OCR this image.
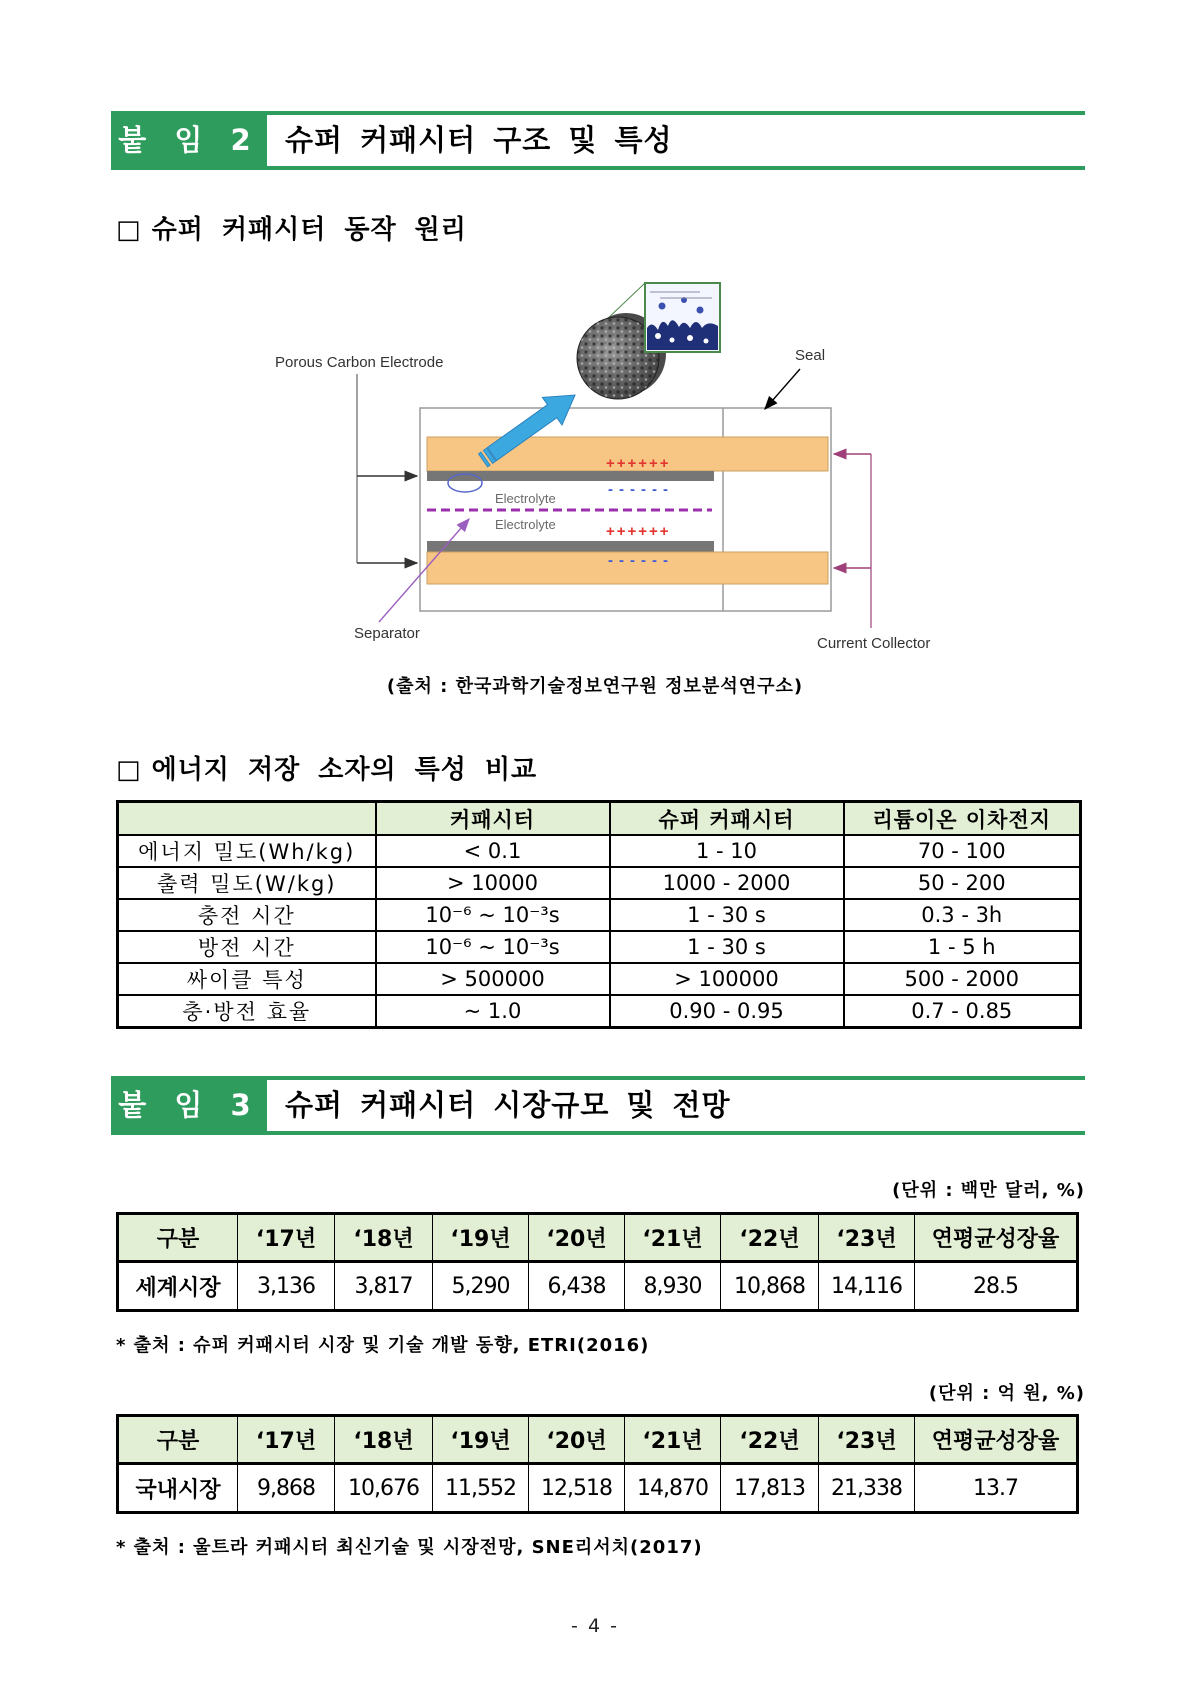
붙 임 2 슈퍼 커패시터 구조 및 특성
□ 슈퍼 커패시터 동작 원리
++++++
------
++++++
------
Electrolyte
Electrolyte
Porous Carbon Electrode	Seal
Current Collector
Separator
(출처 : 한국과학기술정보연구원 정보분석연구소)
□ 에너지 저장 소자의 특성 비교
	커패시터	슈퍼 커패시터	리튬이온 이차전지
에너지 밀도(Wh/kg)	< 0.1	1 - 10	70 - 100
출력 밀도(W/kg)	> 10000	1000 - 2000	50 - 200
충전 시간	10⁻⁶ ~ 10⁻³s	1 - 30 s	0.3 - 3h
방전 시간	10⁻⁶ ~ 10⁻³s	1 - 30 s	1 - 5 h
싸이클 특성	> 500000	> 100000	500 - 2000
충·방전 효율	~ 1.0	0.90 - 0.95	0.7 - 0.85
붙 임 3 슈퍼 커패시터 시장규모 및 전망
(단위 : 백만 달러, %)
구분	‘17년	‘18년	‘19년	‘20년	‘21년	‘22년	‘23년	연평균성장율
세계시장	3,136	3,817	5,290	6,438	8,930	10,868	14,116	28.5
* 출처 : 슈퍼 커패시터 시장 및 기술 개발 동향, ETRI(2016)
(단위 : 억 원, %)
구분	‘17년	‘18년	‘19년	‘20년	‘21년	‘22년	‘23년	연평균성장율
국내시장	9,868	10,676	11,552	12,518	14,870	17,813	21,338	13.7
* 출처 : 울트라 커패시터 최신기술 및 시장전망, SNE리서치(2017)
- 4 -
